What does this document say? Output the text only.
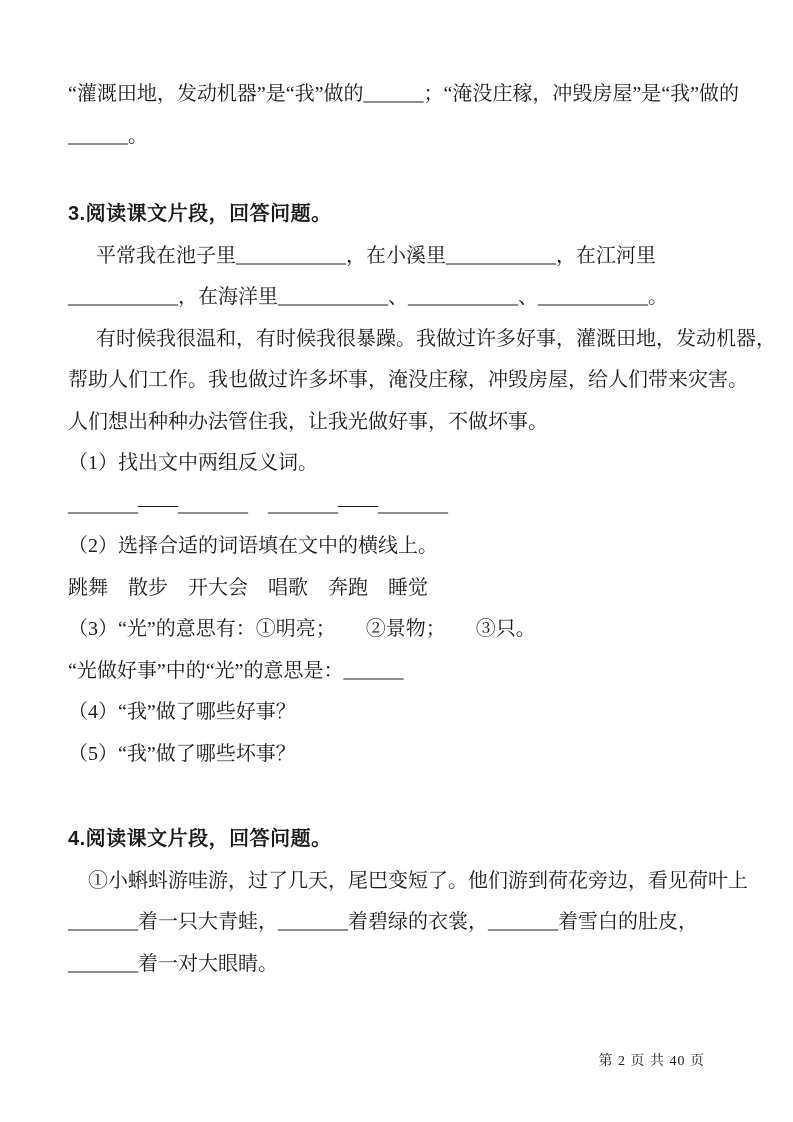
“灌溉田地，发动机器”是“我”做的______；“淹没庄稼，冲毁房屋”是“我”做的
______。
3.阅读课文片段，回答问题。
平常我在池子里___________，在小溪里___________，在江河里
___________，在海洋里___________、___________、___________。
有时候我很温和，有时候我很暴躁。我做过许多好事，灌溉田地，发动机器，
帮助人们工作。我也做过许多坏事，淹没庄稼，冲毁房屋，给人们带来灾害。
人们想出种种办法管住我，让我光做好事，不做坏事。
（1）找出文中两组反义词。
_______——_______　_______——_______
（2）选择合适的词语填在文中的横线上。
跳舞　散步　开大会　唱歌　奔跑　睡觉
（3）“光”的意思有：①明亮；　　②景物；　　③只。
“光做好事”中的“光”的意思是：______
（4）“我”做了哪些好事？
（5）“我”做了哪些坏事？
4.阅读课文片段，回答问题。
①小蝌蚪游哇游，过了几天，尾巴变短了。他们游到荷花旁边，看见荷叶上
_______着一只大青蛙，_______着碧绿的衣裳，_______着雪白的肚皮，
_______着一对大眼睛。
第 2 页 共 40 页
